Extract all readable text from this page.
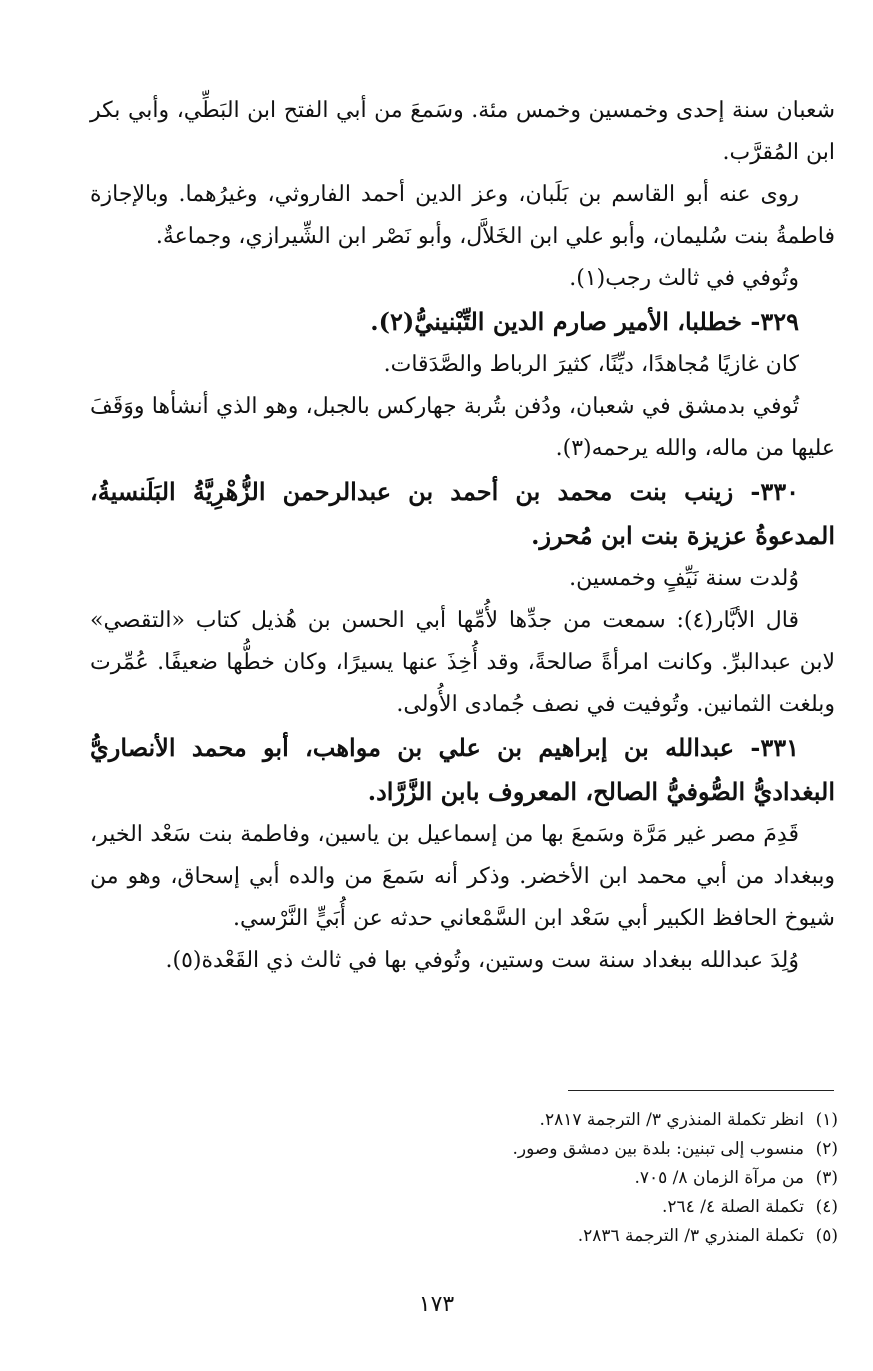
شعبان سنة إحدى وخمسين وخمس مئة. وسَمعَ من أبي الفتح ابن البَطِّي، وأبي بكر ابن المُقرَّب.

روى عنه أبو القاسم بن بَلَبان، وعز الدين أحمد الفاروثي، وغيرُهما. وبالإجازة فاطمةُ بنت سُليمان، وأبو علي ابن الخَلاَّل، وأبو نَصْر ابن الشِّيرازي، وجماعةٌ.

وتُوفي في ثالث رجب(١).

٣٢٩- خطلبا، الأمير صارم الدين التِّبْنينيُّ(٢).

كان غازيًا مُجاهدًا، ديِّنًا، كثيرَ الرباط والصَّدَقات.

تُوفي بدمشق في شعبان، ودُفن بتُربة جهاركس بالجبل، وهو الذي أنشأها ووَقَفَ عليها من ماله، والله يرحمه(٣).

٣٣٠- زينب بنت محمد بن أحمد بن عبدالرحمن الزُّهْرِيَّةُ البَلَنسيةُ، المدعوةُ عزيزة بنت ابن مُحرز.

وُلدت سنة نَيِّفٍ وخمسين.

قال الأبَّار(٤): سمعت من جدِّها لأُمِّها أبي الحسن بن هُذيل كتاب «التقصي» لابن عبدالبرِّ. وكانت امرأةً صالحةً، وقد أُخِذَ عنها يسيرًا، وكان خطُّها ضعيفًا. عُمِّرت وبلغت الثمانين. وتُوفيت في نصف جُمادى الأُولى.

٣٣١- عبدالله بن إبراهيم بن علي بن مواهب، أبو محمد الأنصاريُّ البغداديُّ الصُّوفيُّ الصالح، المعروف بابن الزَّرَّاد.

قَدِمَ مصر غير مَرَّة وسَمعَ بها من إسماعيل بن ياسين، وفاطمة بنت سَعْد الخير، وببغداد من أبي محمد ابن الأخضر. وذكر أنه سَمعَ من والده أبي إسحاق، وهو من شيوخ الحافظ الكبير أبي سَعْد ابن السَّمْعاني حدثه عن أُبَيٍّ النَّرْسي.

وُلِدَ عبدالله ببغداد سنة ست وستين، وتُوفي بها في ثالث ذي القَعْدة(٥).

(١)انظر تكملة المنذري ٣/ الترجمة ٢٨١٧.

(٢)منسوب إلى تبنين: بلدة بين دمشق وصور.

(٣)من مرآة الزمان ٨/ ٧٠٥.

(٤)تكملة الصلة ٤/ ٢٦٤.

(٥)تكملة المنذري ٣/ الترجمة ٢٨٣٦.

١٧٣
